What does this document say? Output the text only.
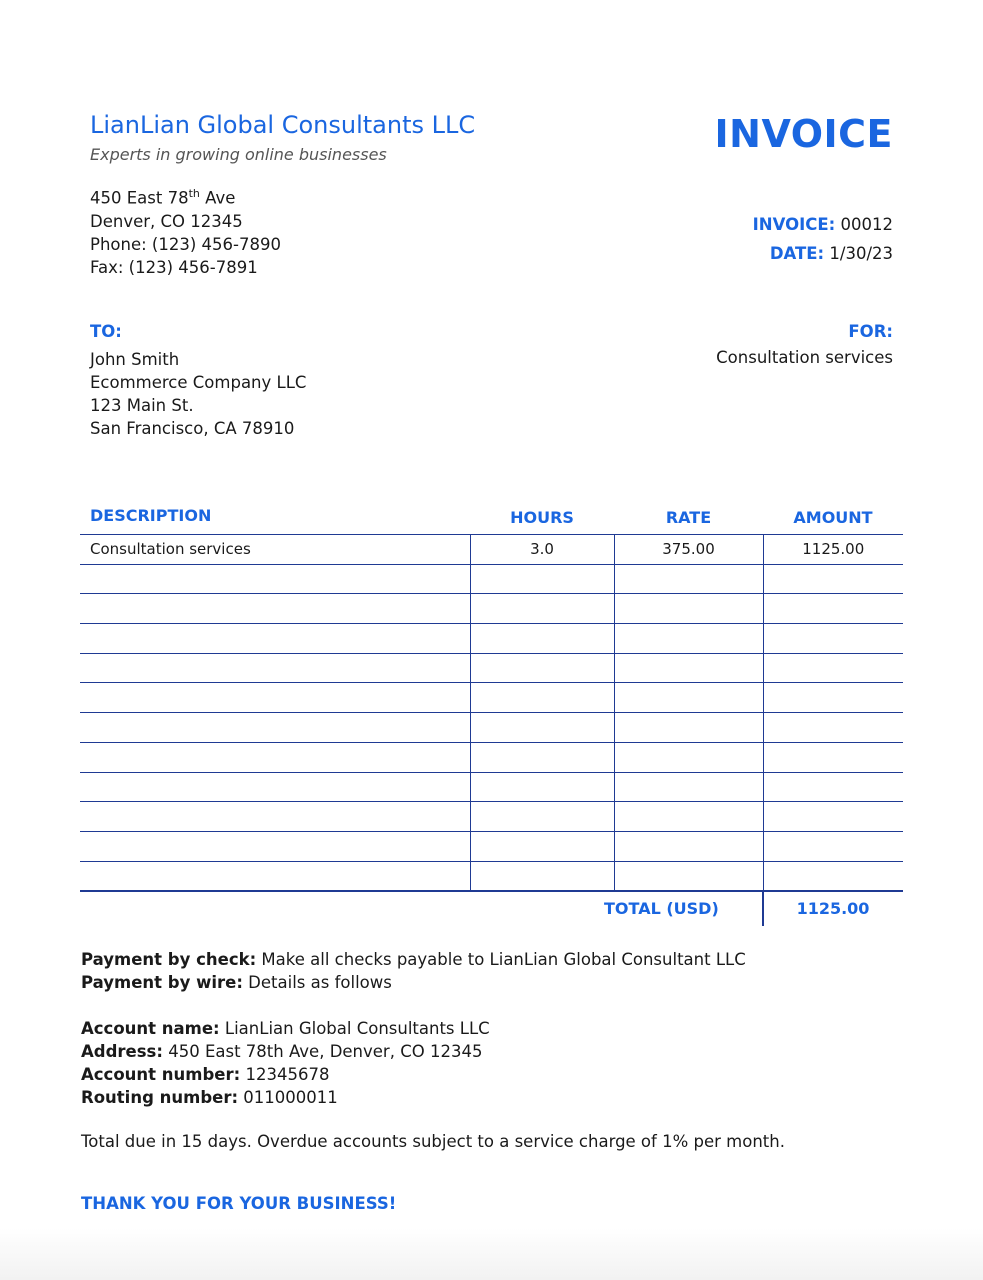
LianLian Global Consultants LLC
Experts in growing online businesses	INVOICE
450 East 78th Ave
Denver, CO 12345
Phone: (123) 456-7890
Fax: (123) 456-7891
INVOICE: 00012
DATE: 1/30/23
TO:	FOR:
John Smith
Ecommerce Company LLC
123 Main St.
San Francisco, CA 78910
Consultation services
DESCRIPTION	HOURS	RATE	AMOUNT
Consultation services	3.0	375.00	1125.00

TOTAL (USD)	1125.00
Payment by check: Make all checks payable to LianLian Global Consultant LLC
Payment by wire: Details as follows
Account name: LianLian Global Consultants LLC
Address: 450 East 78th Ave, Denver, CO 12345
Account number: 12345678
Routing number: 011000011
Total due in 15 days. Overdue accounts subject to a service charge of 1% per month.
THANK YOU FOR YOUR BUSINESS!
